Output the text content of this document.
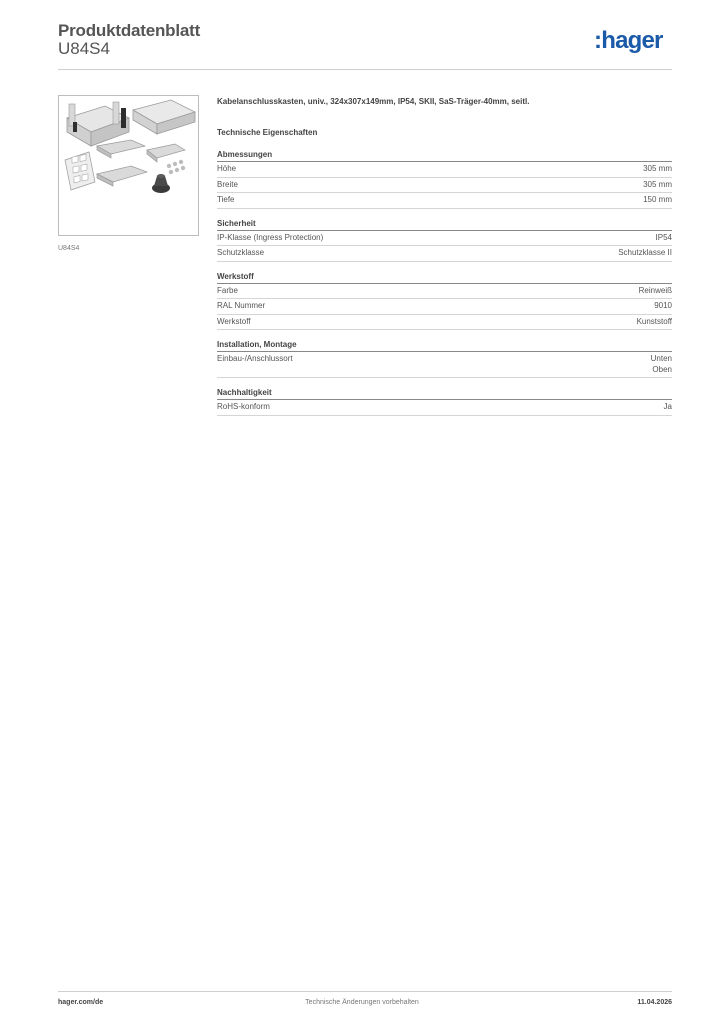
Produktdatenblatt
U84S4	:hager
U84S4
Kabelanschlusskasten, univ., 324x307x149mm, IP54, SKII, SaS-Träger-40mm, seitl.
Technische Eigenschaften
Abmessungen
Höhe	305 mm
Breite	305 mm
Tiefe	150 mm
Sicherheit
IP-Klasse (Ingress Protection)	IP54
Schutzklasse	Schutzklasse II
Werkstoff
Farbe	Reinweiß
RAL Nummer	9010
Werkstoff	Kunststoff
Installation, Montage
Einbau-/Anschlussort	Unten
Oben
Nachhaltigkeit
RoHS-konform	Ja
hager.com/de	Technische Änderungen vorbehalten	11.04.2026
